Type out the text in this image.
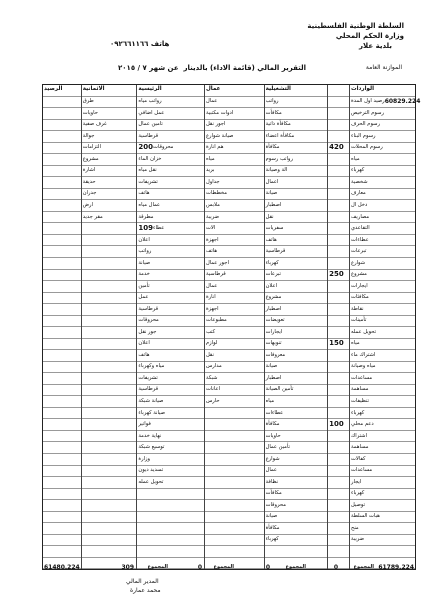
السلطة الوطنية الفلسطينية
وزارة الحكم المحلي
بلدية علار
هاتف ٠٩٢٦٦١١٦٦
التقرير المالي (قائمة الاداء) بالدينار  عن شهر ٧ / ٢٠١٥	الموازنة العامة
الواردات
60829.224
رصيد اول المدة
رسوم الترخيص
رسوم الحرف
رسوم البناء
رسوم المحلات
مياه
كهرباء
شخصية
معارف
دخل ال
مصاريف
التقاعدي
عطاءات
تبرعات
شوارع
مشروع
ايجارات
مكافئات
نقاطة
تأمينات
تحويل عمله
مياه
اشتراك ماء
مياه وصيانة
مساعدات
مساهمة
تنظيفات
كهرباء
دعم محلي
اشتراك
مساهمة
كفالات
مساعدات
ايجار
كهرباء
توصيل
هبات السلطة
منح
ضريبة
420
250
150
100
التشغيلية
رواتب
مكافأت
مكافأة ذاتية
مكافأة اعضاء
مكافأة
رواتب رسوم
الة وصيانة
اعمال
صيانة
اصطبار
نقل
سفريات
هاتف
قرطاسية
كهرباء
تبرعات
اعلان
مشروع
اصطبار
تعويضات
ايجارات
تنويهات
معروفات
صيانة
اصطبار
تأمين الصيانة
مياه
عطاءات
مكافأة
حاويات
تأمين عمال
شوارع
عمال
نظافة
مكافأت
محروقات
صيانة
مكافأة
كهرباء
عمال
عمال
ادوات مكتبية
اجور نقل
صيانة شوارع
هم انارة
مياه
بريد
جداول
مخططات
ملابس
ضريبة
الات
اجهزة
هاتف
اجور عمال
قرطاسية
عمال
انارة
اجهزة
مطبوعات
كتب
لوازم
نقل
مدارس
شبكة
اعانات
حارس
الرئيسية
رواتب مياه
عمل اضافي
تامين عمال
قرطاسية
محروقات
200
خزان الماء
نقل مياه
تشريفات
هاتف
عمال مياه
مطرقة
عطاء
109
اعلان
رواتب
صيانة
خدمة
تأمين
عمل
قرطاسية
محروقات
جور نقل
اعلان
هاتف
مياه وكهرباء
تشريفات
قرطاسية
صيانة شبكة
صيانة كهرباء
فواتير
نهاية خدمة
توسيع شبكة
وزارة
تسديد ديون
تحويل عمله
الاثمانية
طرق
حاويات
غرف صفية
جوالة
التزامات
مشروع
اشارة
حديقة
جدران
ارض
مقر جديد
الرصيد
61789.224
المجموع
0
المجموع
0
المجموع
0
المجموع
309
61480.224
المدير المالي
محمد عمارة
